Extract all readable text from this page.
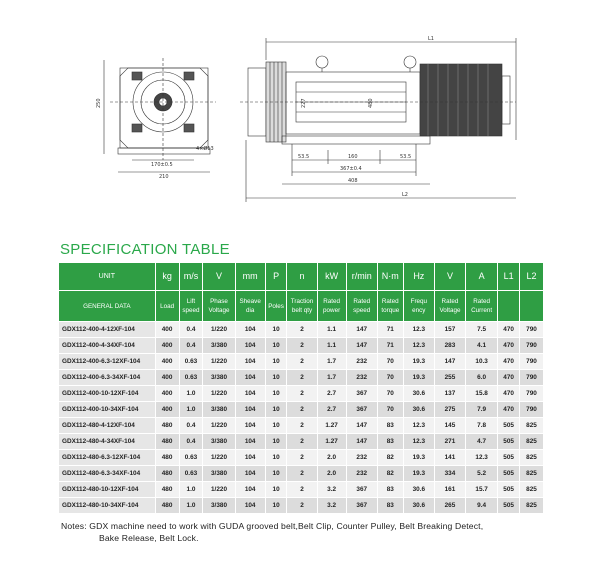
250
170±0.5
210
4×Ø13
L1
L2
227	480
53.5	160	53.5
367±0.4
408
SPECIFICATION TABLE
UNIT	kg	m/s	V	mm	P	n	kW	r/min	N·m	Hz	V	A	L1	L2

GENERAL DATA	Load	Lift speed	Phase Voltage	Sheave dia	Poles	Traction belt qty	Rated power	Rated speed	Rated torque	Frequ ency	Rated Voltage	Rated Current		

GDX112-400-4-12XF-104	400	0.4	1/220	104	10	2	1.1	147	71	12.3	157	7.5	470	790
GDX112-400-4-34XF-104	400	0.4	3/380	104	10	2	1.1	147	71	12.3	283	4.1	470	790
GDX112-400-6.3-12XF-104	400	0.63	1/220	104	10	2	1.7	232	70	19.3	147	10.3	470	790
GDX112-400-6.3-34XF-104	400	0.63	3/380	104	10	2	1.7	232	70	19.3	255	6.0	470	790
GDX112-400-10-12XF-104	400	1.0	1/220	104	10	2	2.7	367	70	30.6	137	15.8	470	790
GDX112-400-10-34XF-104	400	1.0	3/380	104	10	2	2.7	367	70	30.6	275	7.9	470	790
GDX112-480-4-12XF-104	480	0.4	1/220	104	10	2	1.27	147	83	12.3	145	7.8	505	825
GDX112-480-4-34XF-104	480	0.4	3/380	104	10	2	1.27	147	83	12.3	271	4.7	505	825
GDX112-480-6.3-12XF-104	480	0.63	1/220	104	10	2	2.0	232	82	19.3	141	12.3	505	825
GDX112-480-6.3-34XF-104	480	0.63	3/380	104	10	2	2.0	232	82	19.3	334	5.2	505	825
GDX112-480-10-12XF-104	480	1.0	1/220	104	10	2	3.2	367	83	30.6	161	15.7	505	825
GDX112-480-10-34XF-104	480	1.0	3/380	104	10	2	3.2	367	83	30.6	265	9.4	505	825
Notes: GDX machine need to work with GUDA grooved belt,Belt Clip, Counter Pulley, Belt Breaking Detect,
Bake Release, Belt Lock.
